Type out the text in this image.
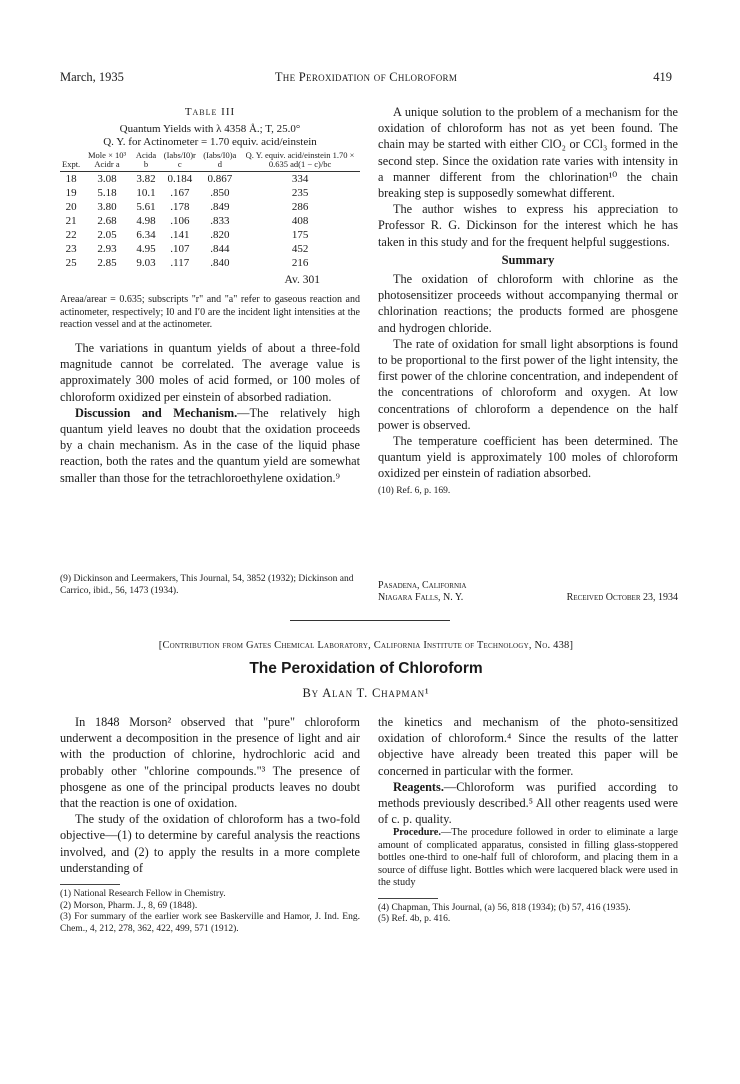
March, 1935	The Peroxidation of Chloroform	419
Table III
Quantum Yields with λ 4358 Å.; T, 25.0°
Q. Y. for Actinometer = 1.70 equiv. acid/einstein
Expt.	Mole × 10³ Acidr a	Acida b	(Iabs/I0)r c	(Iabs/I0)a d	Q. Y. equiv. acid/einstein 1.70 × 0.635 ad(1 − c)/bc
18	3.08	3.82	0.184	0.867	334
19	5.18	10.1	.167	.850	235
20	3.80	5.61	.178	.849	286
21	2.68	4.98	.106	.833	408
22	2.05	6.34	.141	.820	175
23	2.93	4.95	.107	.844	452
25	2.85	9.03	.117	.840	216
Av. 301
Areaa/arear = 0.635; subscripts "r" and "a" refer to gaseous reaction and actinometer, respectively; I0 and I′0 are the incident light intensities at the reaction vessel and at the actinometer.

The variations in quantum yields of about a three-fold magnitude cannot be correlated. The average value is approximately 300 moles of acid formed, or 100 moles of chloroform oxidized per einstein of absorbed radiation.

Discussion and Mechanism.—The relatively high quantum yield leaves no doubt that the oxidation proceeds by a chain mechanism. As in the case of the liquid phase reaction, both the rates and the quantum yield are somewhat smaller than those for the tetrachloroethylene oxidation.⁹

(9) Dickinson and Leermakers, This Journal, 54, 3852 (1932); Dickinson and Carrico, ibid., 56, 1473 (1934).

A unique solution to the problem of a mechanism for the oxidation of chloroform has not as yet been found. The chain may be started with either ClO₂ or CCl₃ formed in the second step. Since the oxidation rate varies with intensity in a manner different from the chlorination¹⁰ the chain breaking step is supposedly somewhat different.

The author wishes to express his appreciation to Professor R. G. Dickinson for the interest which he has taken in this study and for the frequent helpful suggestions.

Summary

The oxidation of chloroform with chlorine as the photosensitizer proceeds without accompanying thermal or chlorination reactions; the products formed are phosgene and hydrogen chloride.

The rate of oxidation for small light absorptions is found to be proportional to the first power of the light intensity, the first power of the chlorine concentration, and independent of the concentrations of chloroform and oxygen. At low concentrations of chloroform a dependence on the half power is observed.

The temperature coefficient has been determined. The quantum yield is approximately 100 moles of chloroform oxidized per einstein of radiation absorbed.

(10) Ref. 6, p. 169.
Pasadena, California
Niagara Falls, N. Y.	Received October 23, 1934
[Contribution from Gates Chemical Laboratory, California Institute of Technology, No. 438]
The Peroxidation of Chloroform
By Alan T. Chapman¹

In 1848 Morson² observed that "pure" chloroform underwent a decomposition in the presence of light and air with the production of chlorine, hydrochloric acid and probably other "chlorine compounds."³ The presence of phosgene as one of the principal products leaves no doubt that the reaction is one of oxidation.

The study of the oxidation of chloroform has a two-fold objective—(1) to determine by careful analysis the reactions involved, and (2) to apply the results in a more complete understanding of

(1) National Research Fellow in Chemistry.
(2) Morson, Pharm. J., 8, 69 (1848).
(3) For summary of the earlier work see Baskerville and Hamor, J. Ind. Eng. Chem., 4, 212, 278, 362, 422, 499, 571 (1912).

the kinetics and mechanism of the photo-sensitized oxidation of chloroform.⁴ Since the results of the latter objective have already been treated this paper will be concerned in particular with the former.

Reagents.—Chloroform was purified according to methods previously described.⁵ All other reagents used were of c. p. quality.

Procedure.—The procedure followed in order to eliminate a large amount of complicated apparatus, consisted in filling glass-stoppered bottles one-third to one-half full of chloroform, and placing them in a source of diffuse light. Bottles which were lacquered black were used in the study

(4) Chapman, This Journal, (a) 56, 818 (1934); (b) 57, 416 (1935).
(5) Ref. 4b, p. 416.
